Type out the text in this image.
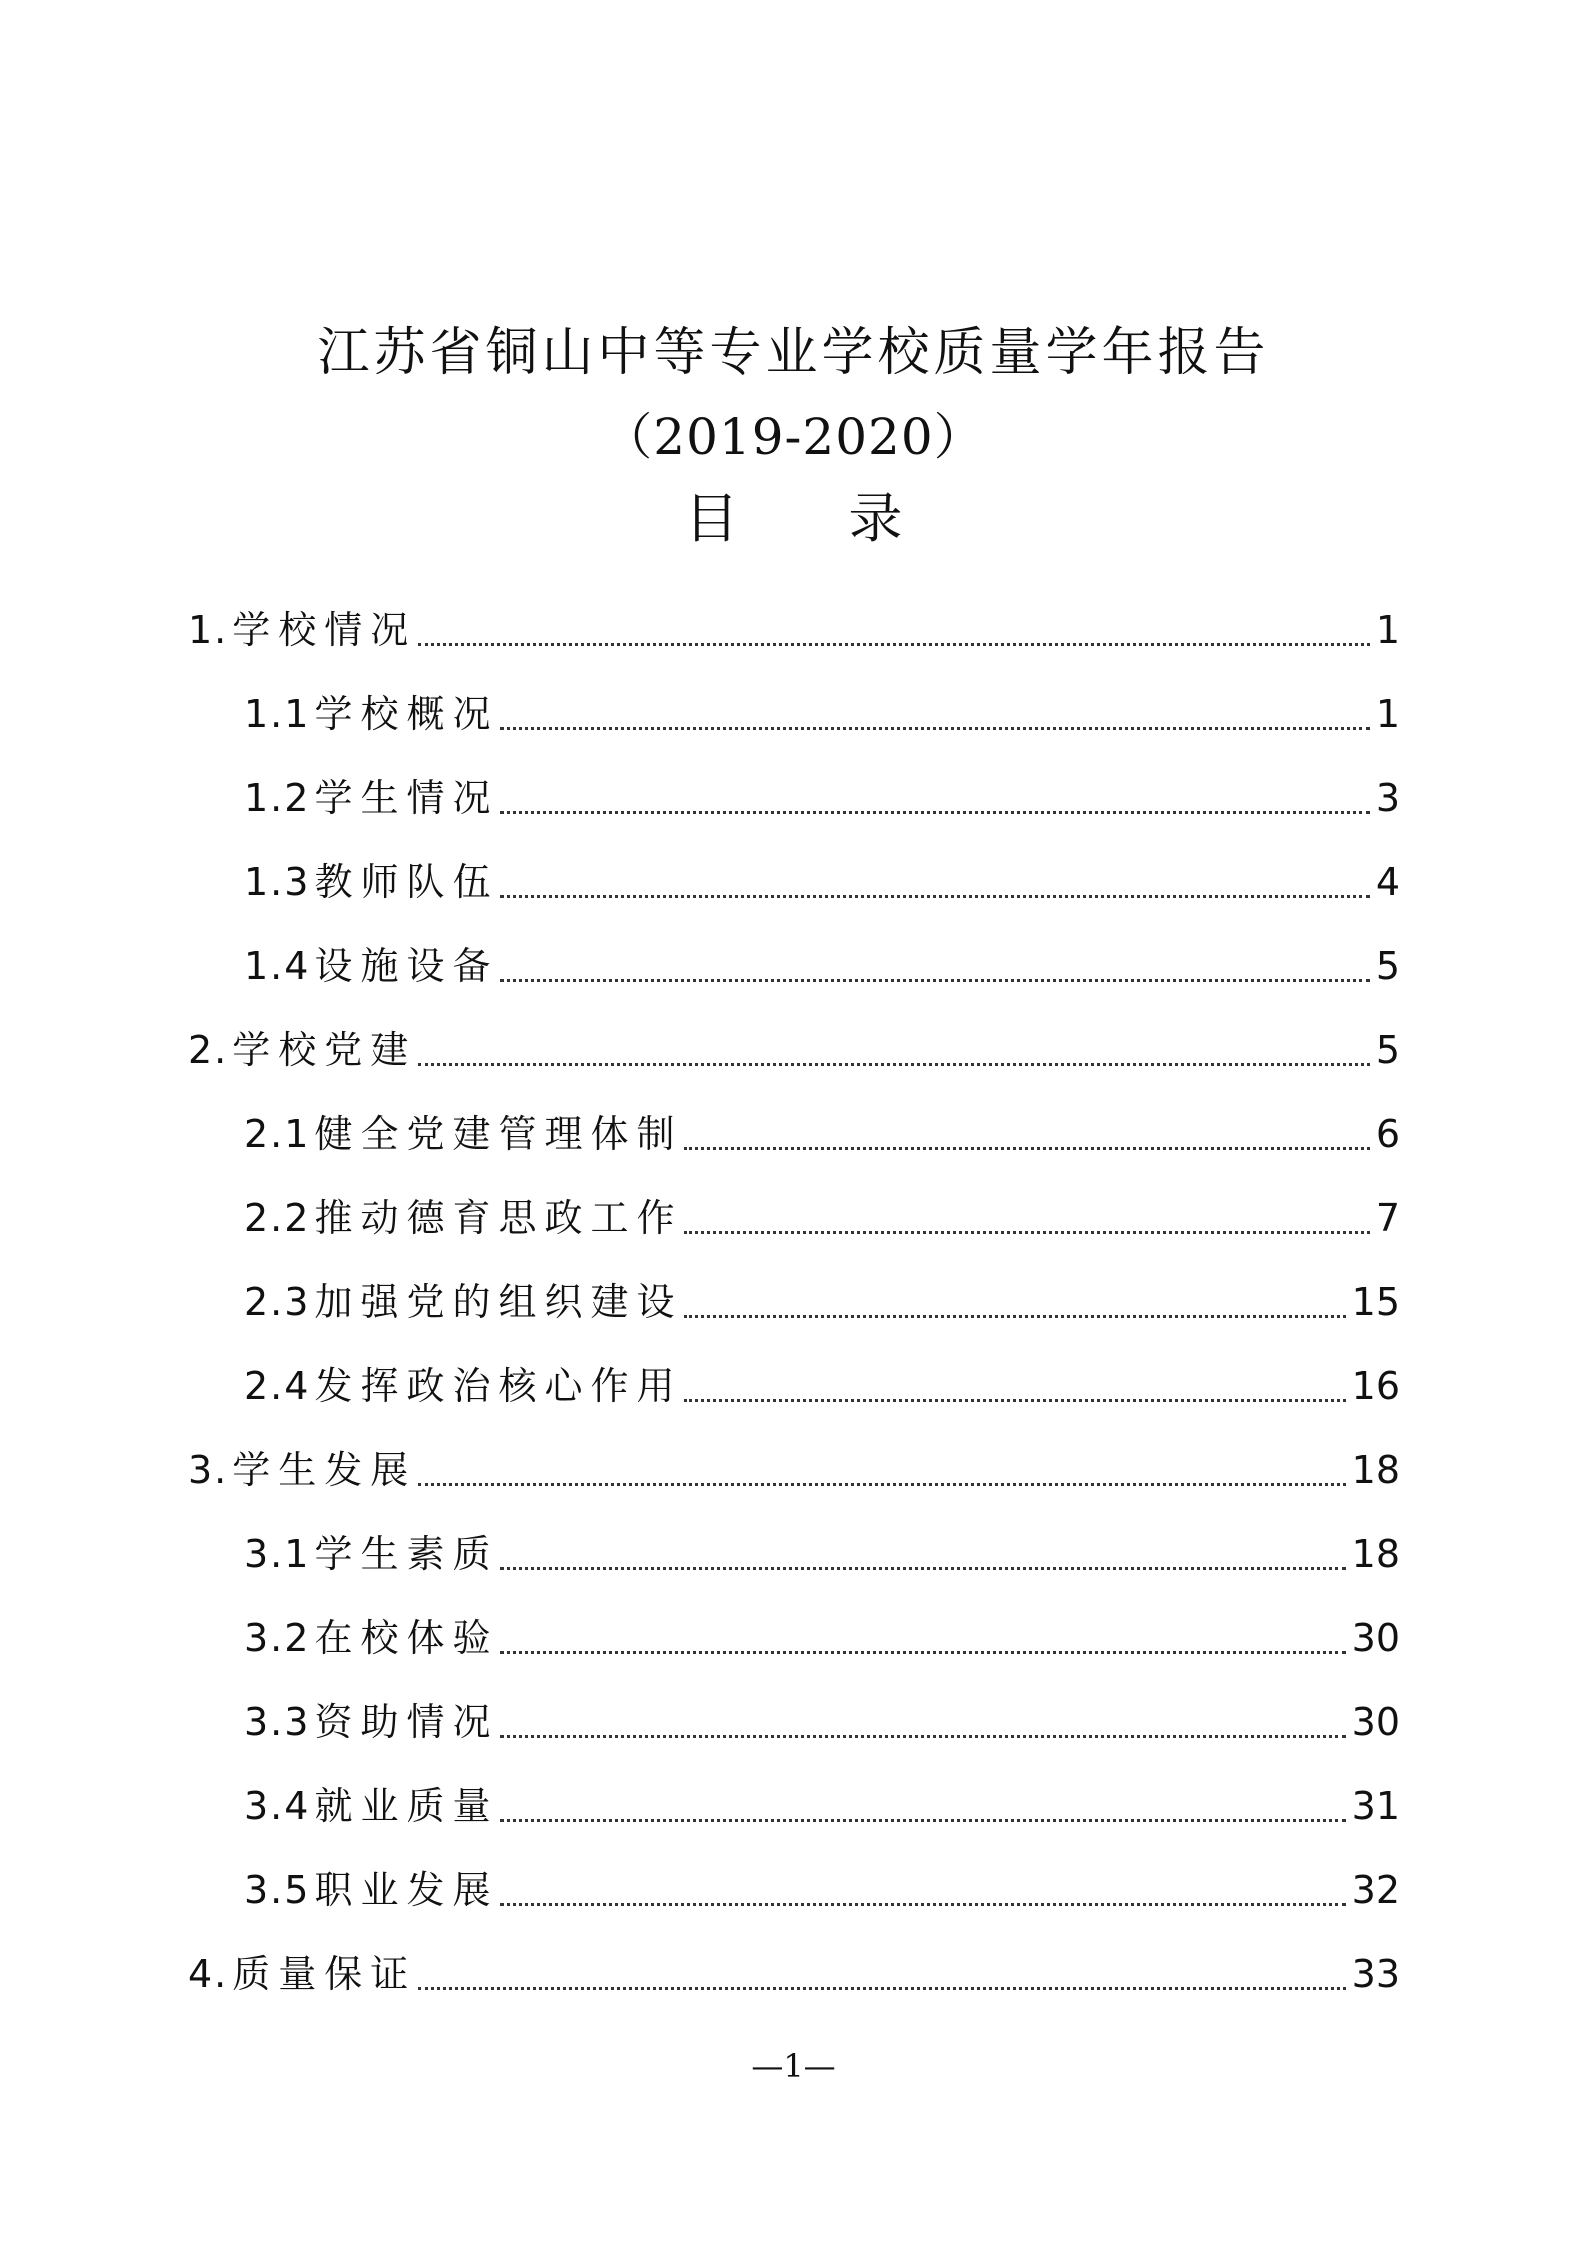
江苏省铜山中等专业学校质量学年报告
（2019-2020）
目录
1. 学校情况	1
1.1 学校概况	1
1.2 学生情况	3
1.3 教师队伍	4
1.4 设施设备	5
2. 学校党建	5
2.1 健全党建管理体制	6
2.2 推动德育思政工作	7
2.3 加强党的组织建设	15
2.4 发挥政治核心作用	16
3. 学生发展	18
3.1 学生素质	18
3.2 在校体验	30
3.3 资助情况	30
3.4 就业质量	31
3.5 职业发展	32
4. 质量保证	33
—1—
